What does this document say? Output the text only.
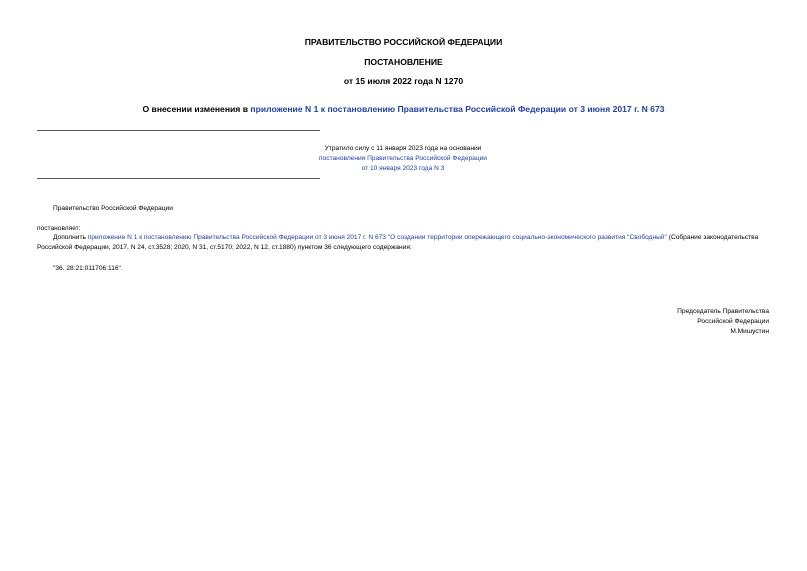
ПРАВИТЕЛЬСТВО РОССИЙСКОЙ ФЕДЕРАЦИИ
ПОСТАНОВЛЕНИЕ
от 15 июля 2022 года N 1270
О внесении изменения в приложение N 1 к постановлению Правительства Российской Федерации от 3 июня 2017 г. N 673
Утратило силу с 11 января 2023 года на основании
постановления Правительства Российской Федерации
от 10 января 2023 года N 3
Правительство Российской Федерации
постановляет:
Дополнить приложение N 1 к постановлению Правительства Российской Федерации от 3 июня 2017 г. N 673 "О создании территории опережающего социально-экономического развития "Свободный" (Собрание законодательства Российской Федерации, 2017, N 24, ст.3528; 2020, N 31, ст.5170; 2022, N 12, ст.1880) пунктом 36 следующего содержания:
"36. 28:21:011706:116".
Председатель Правительства
Российской Федерации
М.Мишустин
